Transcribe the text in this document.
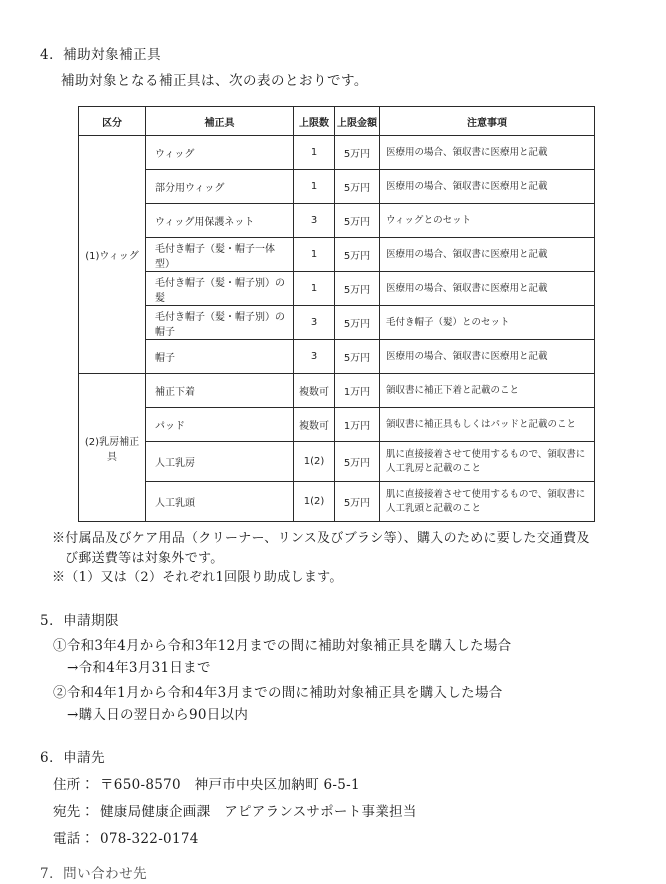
4．補助対象補正具
補助対象となる補正具は、次の表のとおりです。
区分	補正具	上限数	上限金額	注意事項
(1)ウィッグ	ウィッグ	1	5万円	医療用の場合、領収書に医療用と記載
	部分用ウィッグ	1	5万円	医療用の場合、領収書に医療用と記載
	ウィッグ用保護ネット	3	5万円	ウィッグとのセット
	毛付き帽子（髪・帽子一体型）	1	5万円	医療用の場合、領収書に医療用と記載
	毛付き帽子（髪・帽子別）の髪	1	5万円	医療用の場合、領収書に医療用と記載
	毛付き帽子（髪・帽子別）の帽子	3	5万円	毛付き帽子（髪）とのセット
	帽子	3	5万円	医療用の場合、領収書に医療用と記載
(2)乳房補正具	補正下着	複数可	1万円	領収書に補正下着と記載のこと
	パッド	複数可	1万円	領収書に補正具もしくはパッドと記載のこと
	人工乳房	1(2)	5万円	肌に直接接着させて使用するもので、領収書に人工乳房と記載のこと
	人工乳頭	1(2)	5万円	肌に直接接着させて使用するもので、領収書に人工乳頭と記載のこと
※付属品及びケア用品（クリーナー、リンス及びブラシ等）、購入のために要した交通費及
び郵送費等は対象外です。
※（1）又は（2）それぞれ1回限り助成します。
5．申請期限
①令和3年4月から令和3年12月までの間に補助対象補正具を購入した場合
→令和4年3月31日まで
②令和4年1月から令和4年3月までの間に補助対象補正具を購入した場合
→購入日の翌日から90日以内
6．申請先
住所： 〒650-8570　神戸市中央区加納町 6-5-1
宛先： 健康局健康企画課　アピアランスサポート事業担当
電話： 078-322-0174
7．問い合わせ先
